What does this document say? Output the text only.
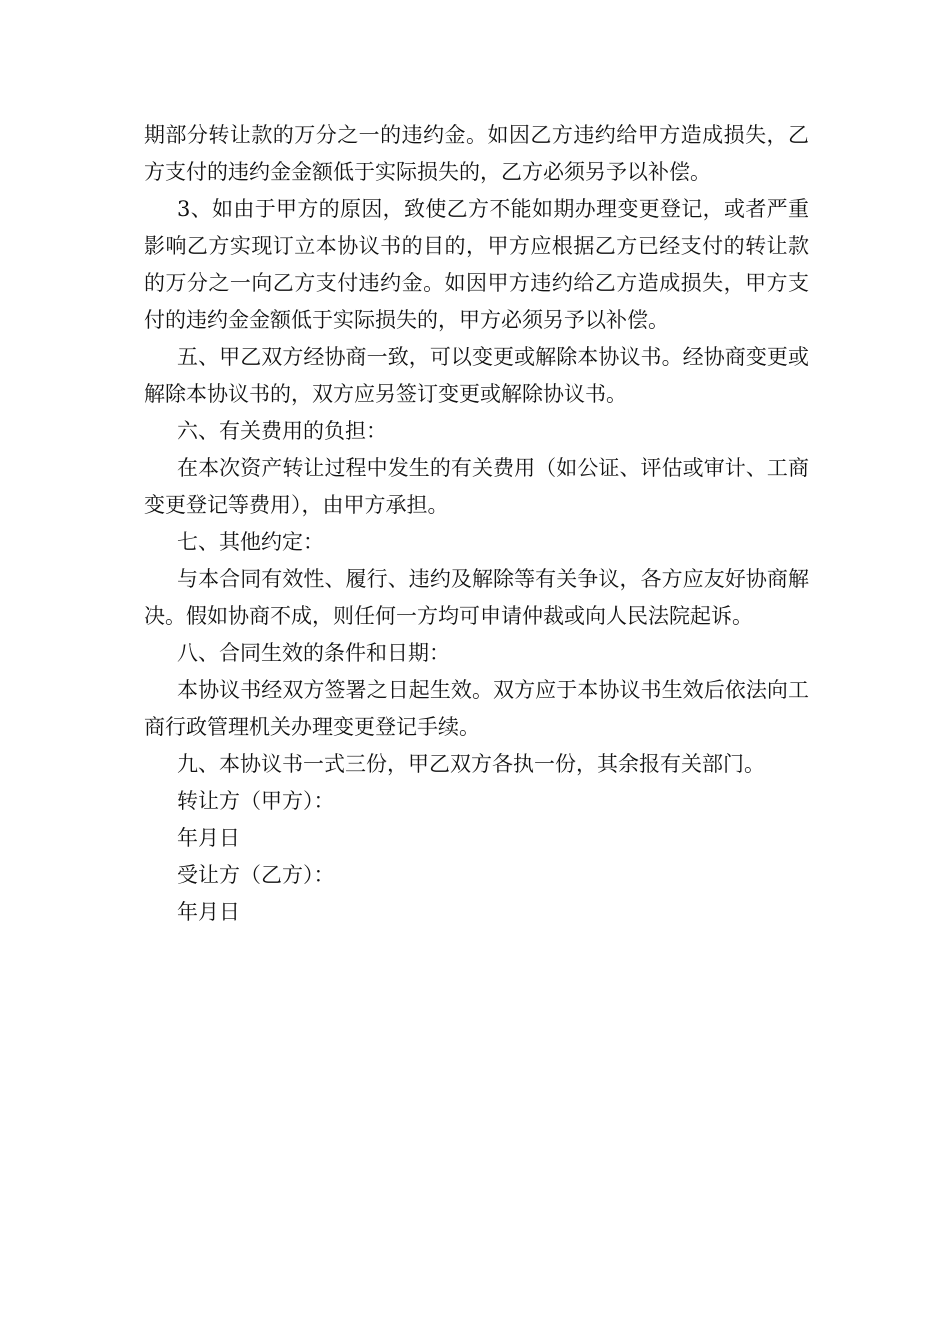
期部分转让款的万分之一的违约金。如因乙方违约给甲方造成损失，乙方支付的违约金金额低于实际损失的，乙方必须另予以补偿。

3、如由于甲方的原因，致使乙方不能如期办理变更登记，或者严重影响乙方实现订立本协议书的目的，甲方应根据乙方已经支付的转让款的万分之一向乙方支付违约金。如因甲方违约给乙方造成损失，甲方支付的违约金金额低于实际损失的，甲方必须另予以补偿。

五、甲乙双方经协商一致，可以变更或解除本协议书。经协商变更或解除本协议书的，双方应另签订变更或解除协议书。

六、有关费用的负担：

在本次资产转让过程中发生的有关费用（如公证、评估或审计、工商变更登记等费用），由甲方承担。

七、其他约定：

与本合同有效性、履行、违约及解除等有关争议，各方应友好协商解决。假如协商不成，则任何一方均可申请仲裁或向人民法院起诉。

八、合同生效的条件和日期：

本协议书经双方签署之日起生效。双方应于本协议书生效后依法向工商行政管理机关办理变更登记手续。

九、本协议书一式三份，甲乙双方各执一份，其余报有关部门。

转让方（甲方）：

年月日

受让方（乙方）：

年月日
